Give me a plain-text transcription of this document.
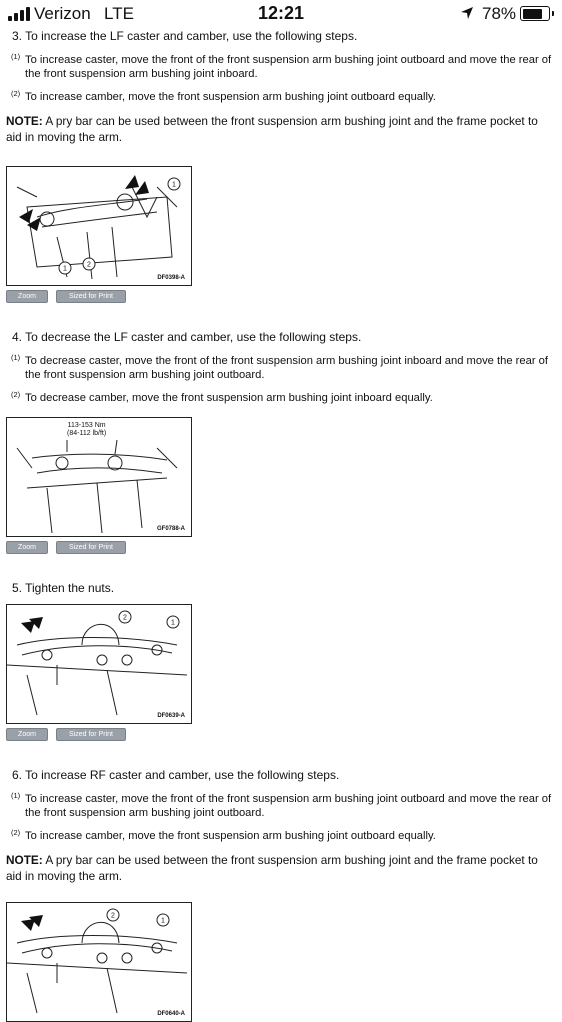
Verizon LTE	12:21	78%
3. To increase the LF caster and camber, use the following steps.
(1) To increase caster, move the front of the front suspension arm bushing joint outboard and move the rear of the front suspension arm bushing joint inboard.
(2) To increase camber, move the front suspension arm bushing joint outboard equally.
NOTE: A pry bar can be used between the front suspension arm bushing joint and the frame pocket to aid in moving the arm.
1
1
2
DF0398-A
Zoom	Sized for Print
4. To decrease the LF caster and camber, use the following steps.
(1) To decrease caster, move the front of the front suspension arm bushing joint inboard and move the rear of the front suspension arm bushing joint outboard.
(2) To decrease camber, move the front suspension arm bushing joint inboard equally.
113-153 Nm
(84-112 lb/ft)
GF0788-A
Zoom	Sized for Print
5. Tighten the nuts.
2
1
DF0639-A
Zoom	Sized for Print
6. To increase RF caster and camber, use the following steps.
(1) To increase caster, move the front of the front suspension arm bushing joint outboard and move the rear of the front suspension arm bushing joint outboard.
(2) To increase camber, move the front suspension arm bushing joint outboard equally.
NOTE: A pry bar can be used between the front suspension arm bushing joint and the frame pocket to aid in moving the arm.
2
1
DF0640-A
